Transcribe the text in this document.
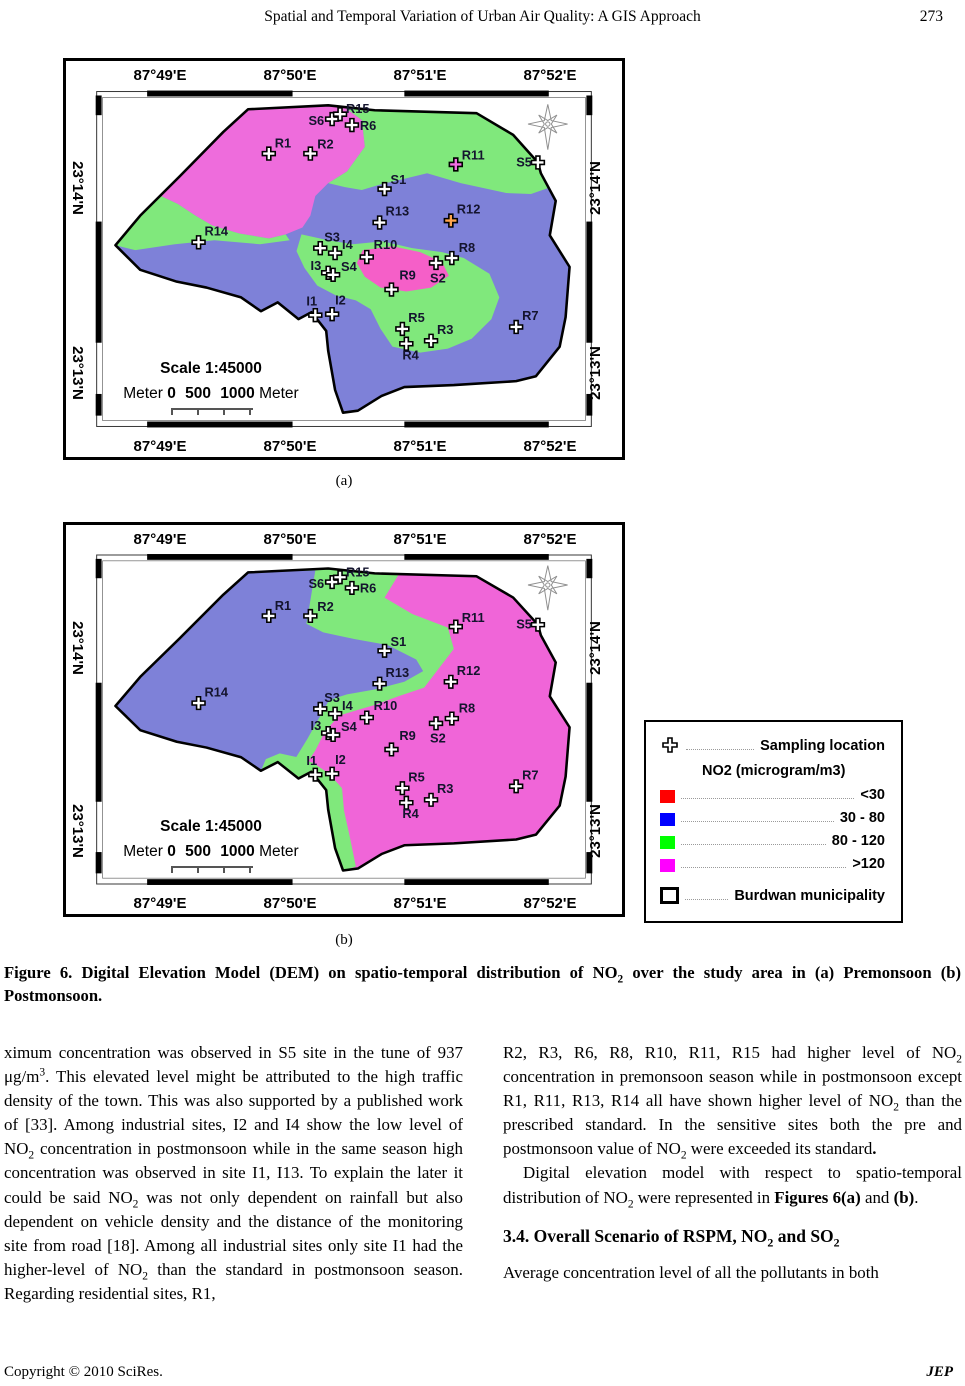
Spatial and Temporal Variation of Urban Air Quality: A GIS Approach	273
S6
R15
R6
R1 R2
R11 S5
S1
R13	R12
R14	S3
I4 R10	R8
S2
I3 S4
R9
I1 I2
R5
R3
R4
R7
87°49'E	87°50'E	87°51'E	87°52'E
87°49'E	87°50'E	87°51'E	87°52'E
23°14'N
23°13'N
23°14'N
23°13'N
Scale 1:45000
Meter 0 500 1000 Meter
(a)
S6
R15
R6
R1 R2
R11 S5
S1
R13	R12
R14	S3
I4 R10	R8
S2
I3 S4
R9
I1 I2
R5
R3
R4
R7
87°49'E	87°50'E	87°51'E	87°52'E
87°49'E	87°50'E	87°51'E	87°52'E
23°14'N
23°13'N
23°14'N
23°13'N
Scale 1:45000
Meter 0 500 1000 Meter
(b)
Sampling location
NO2 (microgram/m3)
<30
30 - 80
80 - 120
>120
Burdwan municipality
Figure 6. Digital Elevation Model (DEM) on spatio-temporal distribution of $NO_2$ over the study area in (a) Premonsoon (b) Postmonsoon.

ximum concentration was observed in S5 site in the tune of 937 $\mu g/m^3$. This elevated level might be attributed to the high traffic density of the town. This was also supported by a published work of [33]. Among industrial sites, I2 and I4 show the low level of $NO_2$ concentration in postmonsoon while in the same season high concentration was observed in site I1, I13. To explain the later it could be said $NO_2$ was not only dependent on rainfall but also dependent on vehicle density and the distance of the monitoring site from road [18]. Among all industrial sites only site I1 had the higher-level of $NO_2$ than the standard in postmonsoon season. Regarding residential sites, R1,

R2, R3, R6, R8, R10, R11, R15 had higher level of $NO_2$ concentration in premonsoon season while in postmonsoon except R1, R11, R13, R14 all have shown higher level of $NO_2$ than the prescribed standard. In the sensitive sites both the pre and postmonsoon value of $NO_2$ were exceeded its standard.

Digital elevation model with respect to spatio-temporal distribution of $NO_2$ were represented in Figures 6(a) and (b).

3.4. Overall Scenario of RSPM, $NO_2$ and $SO_2$

Average concentration level of all the pollutants in both

Copyright © 2010 SciRes.	JEP
